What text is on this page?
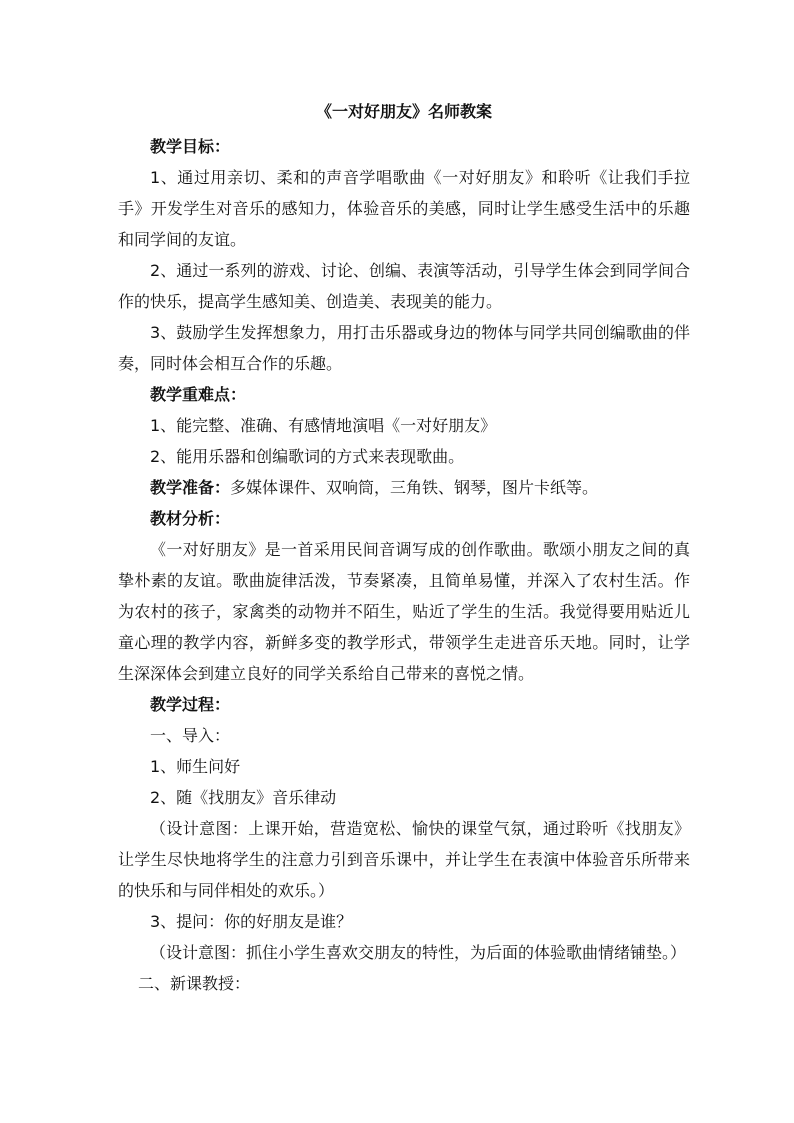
《一对好朋友》名师教案

教学目标：

1、通过用亲切、柔和的声音学唱歌曲《一对好朋友》和聆听《让我们手拉手》开发学生对音乐的感知力，体验音乐的美感，同时让学生感受生活中的乐趣和同学间的友谊。

2、通过一系列的游戏、讨论、创编、表演等活动，引导学生体会到同学间合作的快乐，提高学生感知美、创造美、表现美的能力。

3、鼓励学生发挥想象力，用打击乐器或身边的物体与同学共同创编歌曲的伴奏，同时体会相互合作的乐趣。

教学重难点：

1、能完整、准确、有感情地演唱《一对好朋友》

2、能用乐器和创编歌词的方式来表现歌曲。

教学准备：多媒体课件、双响筒，三角铁、钢琴，图片卡纸等。

教材分析：

《一对好朋友》是一首采用民间音调写成的创作歌曲。歌颂小朋友之间的真挚朴素的友谊。歌曲旋律活泼，节奏紧凑，且简单易懂，并深入了农村生活。作为农村的孩子，家禽类的动物并不陌生，贴近了学生的生活。我觉得要用贴近儿童心理的教学内容，新鲜多变的教学形式，带领学生走进音乐天地。同时，让学生深深体会到建立良好的同学关系给自己带来的喜悦之情。

教学过程：

一、导入：

1、师生问好

2、随《找朋友》音乐律动

（设计意图：上课开始，营造宽松、愉快的课堂气氛，通过聆听《找朋友》让学生尽快地将学生的注意力引到音乐课中，并让学生在表演中体验音乐所带来的快乐和与同伴相处的欢乐。）

3、提问：你的好朋友是谁？

（设计意图：抓住小学生喜欢交朋友的特性，为后面的体验歌曲情绪铺垫。）

二、新课教授：
